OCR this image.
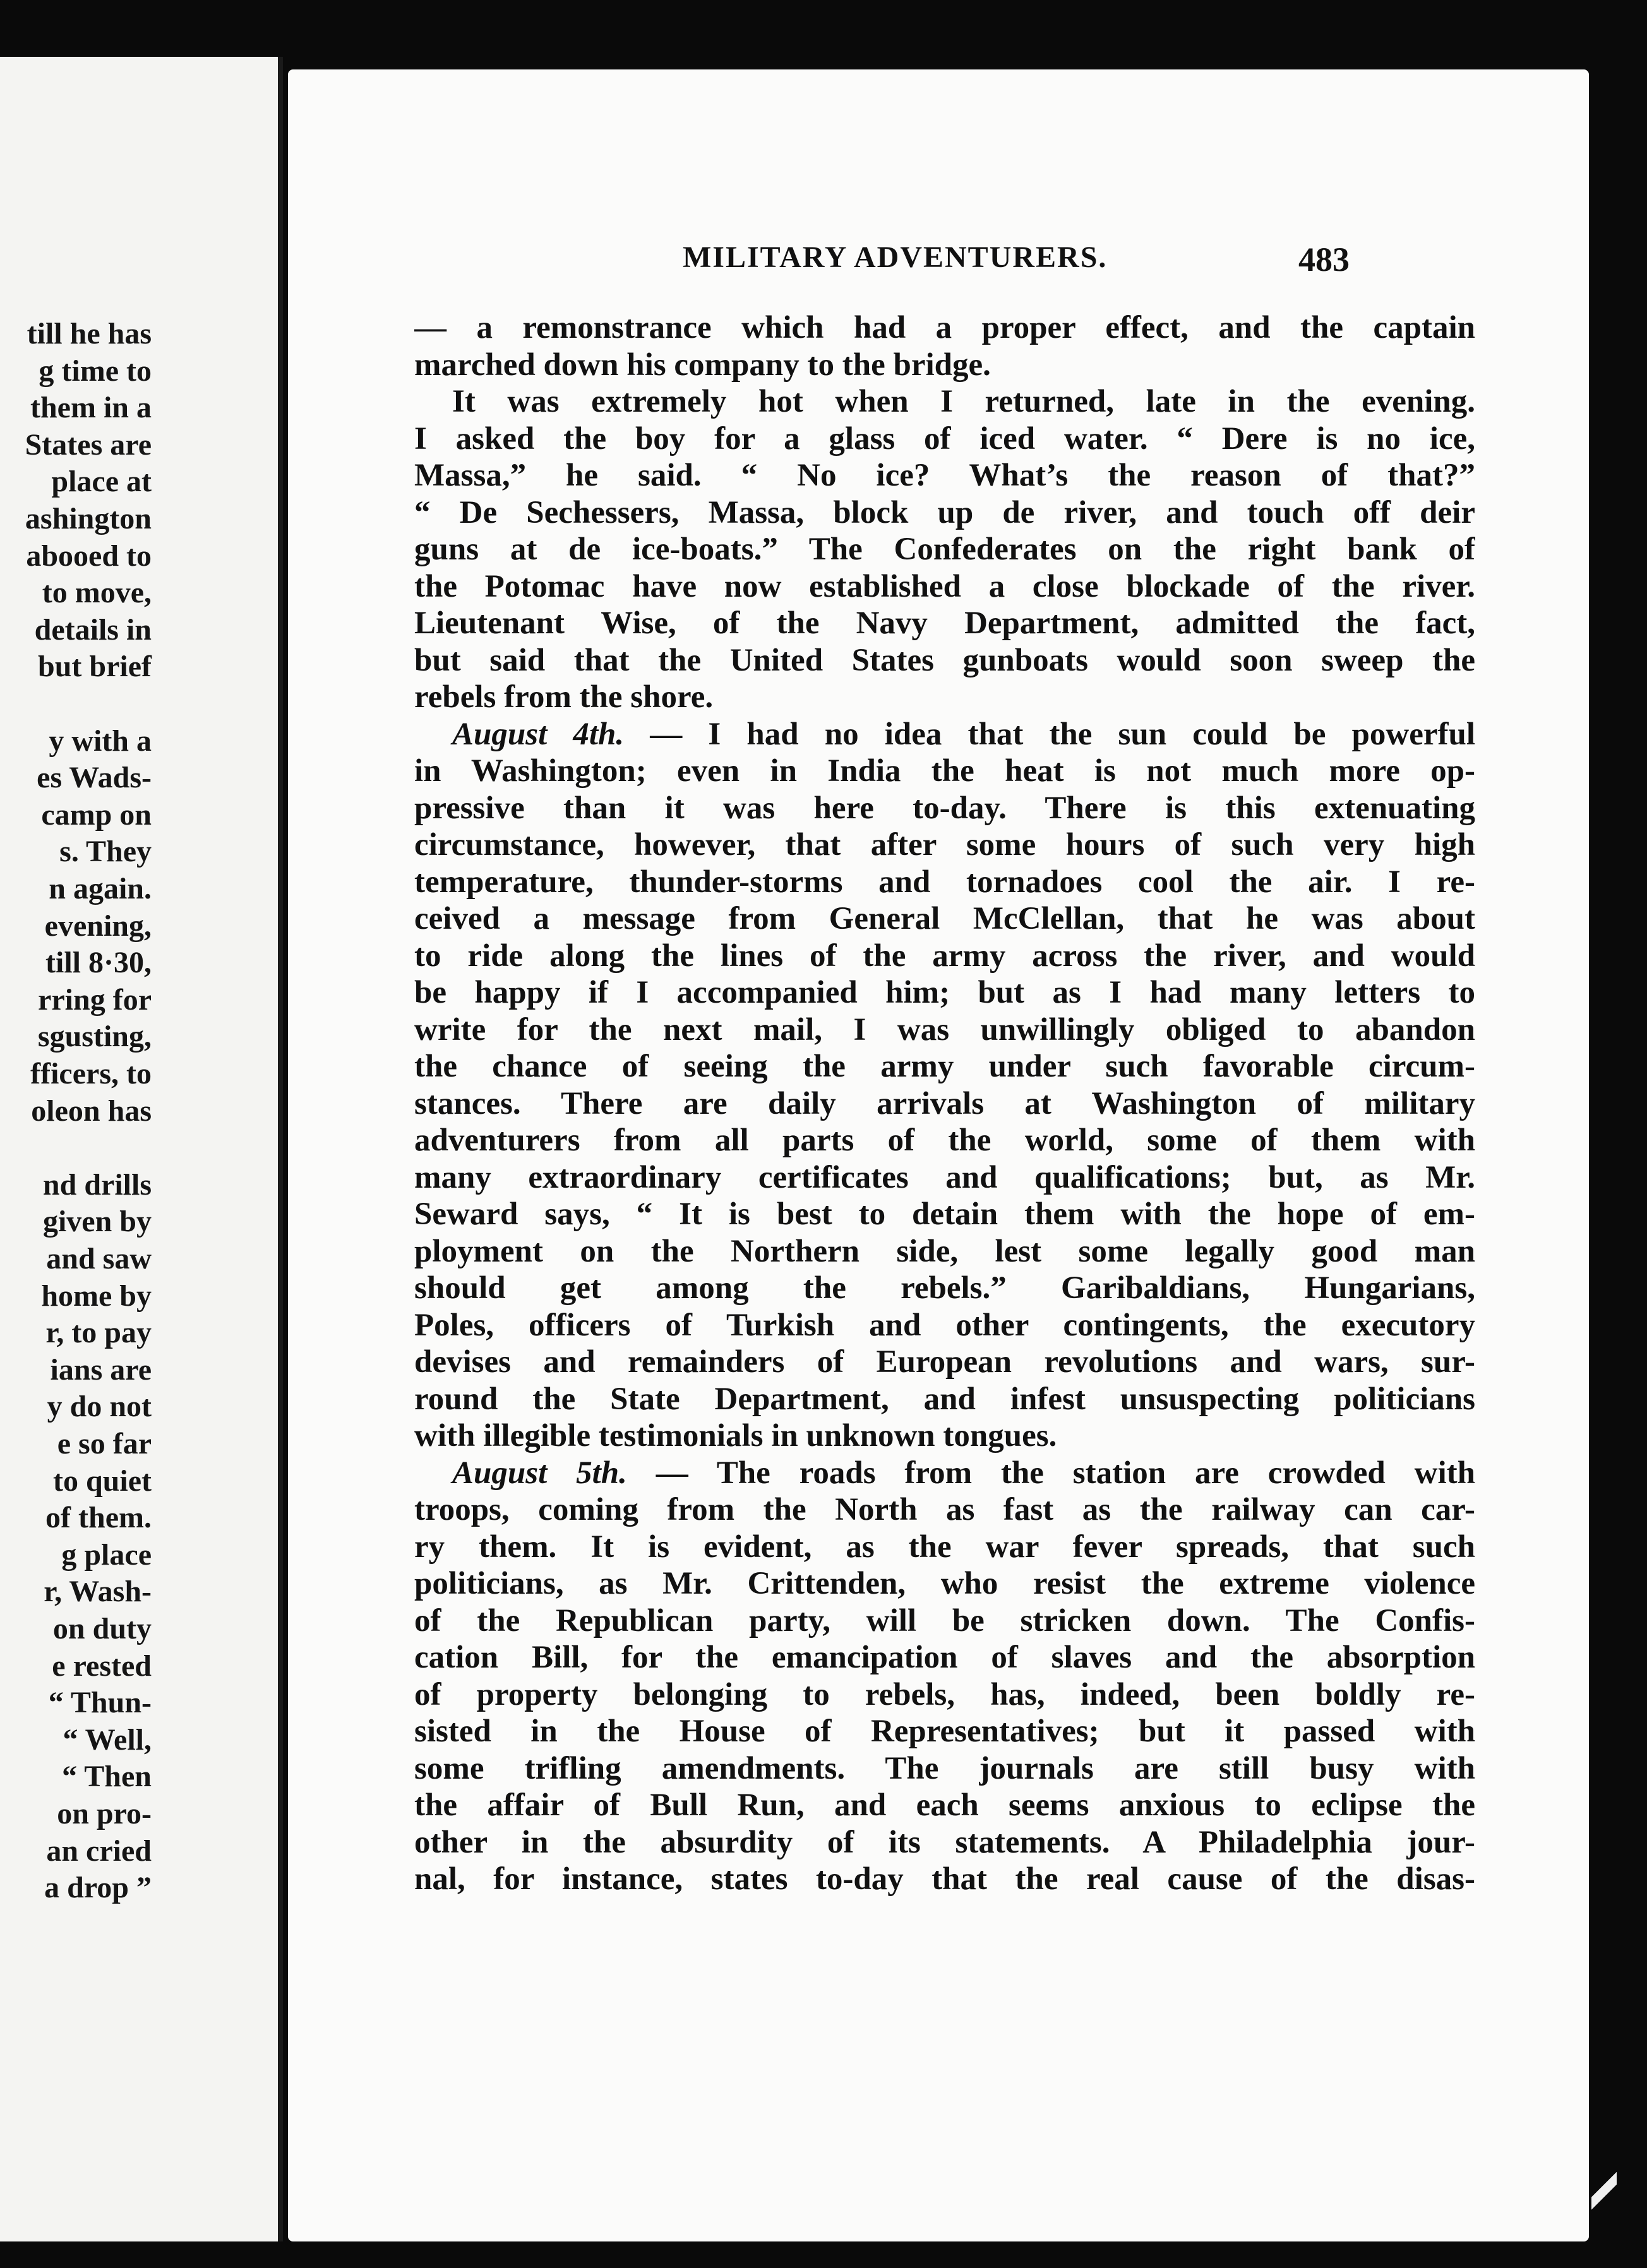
till he has
g time to
them in a
States are
place at
ashington
abooed to
to move,
details in
but brief
y with a
es Wads-
camp on
s. They
n again.
evening,
till 8·30,
rring for
sgusting,
fficers, to
oleon has
nd drills
given by
and saw
home by
r, to pay
ians are
y do not
e so far
to quiet
of them.
g place
r, Wash-
on duty
e rested
“ Thun-
“ Well,
“ Then
on pro-
an cried
a drop ”
MILITARY ADVENTURERS.	483
— a remonstrance which had a proper effect, and the captain
marched down his company to the bridge.
It was extremely hot when I returned, late in the evening.
I asked the boy for a glass of iced water. “ Dere is no ice,
Massa,” he said. “ No ice? What’s the reason of that?”
“ De Sechessers, Massa, block up de river, and touch off deir
guns at de ice-boats.” The Confederates on the right bank of
the Potomac have now established a close blockade of the river.
Lieutenant Wise, of the Navy Department, admitted the fact,
but said that the United States gunboats would soon sweep the
rebels from the shore.
August 4th. — I had no idea that the sun could be powerful
in Washington; even in India the heat is not much more op-
pressive than it was here to-day. There is this extenuating
circumstance, however, that after some hours of such very high
temperature, thunder-storms and tornadoes cool the air. I re-
ceived a message from General McClellan, that he was about
to ride along the lines of the army across the river, and would
be happy if I accompanied him; but as I had many letters to
write for the next mail, I was unwillingly obliged to abandon
the chance of seeing the army under such favorable circum-
stances. There are daily arrivals at Washington of military
adventurers from all parts of the world, some of them with
many extraordinary certificates and qualifications; but, as Mr.
Seward says, “ It is best to detain them with the hope of em-
ployment on the Northern side, lest some legally good man
should get among the rebels.” Garibaldians, Hungarians,
Poles, officers of Turkish and other contingents, the executory
devises and remainders of European revolutions and wars, sur-
round the State Department, and infest unsuspecting politicians
with illegible testimonials in unknown tongues.
August 5th. — The roads from the station are crowded with
troops, coming from the North as fast as the railway can car-
ry them. It is evident, as the war fever spreads, that such
politicians, as Mr. Crittenden, who resist the extreme violence
of the Republican party, will be stricken down. The Confis-
cation Bill, for the emancipation of slaves and the absorption
of property belonging to rebels, has, indeed, been boldly re-
sisted in the House of Representatives; but it passed with
some trifling amendments. The journals are still busy with
the affair of Bull Run, and each seems anxious to eclipse the
other in the absurdity of its statements. A Philadelphia jour-
nal, for instance, states to-day that the real cause of the disas-
